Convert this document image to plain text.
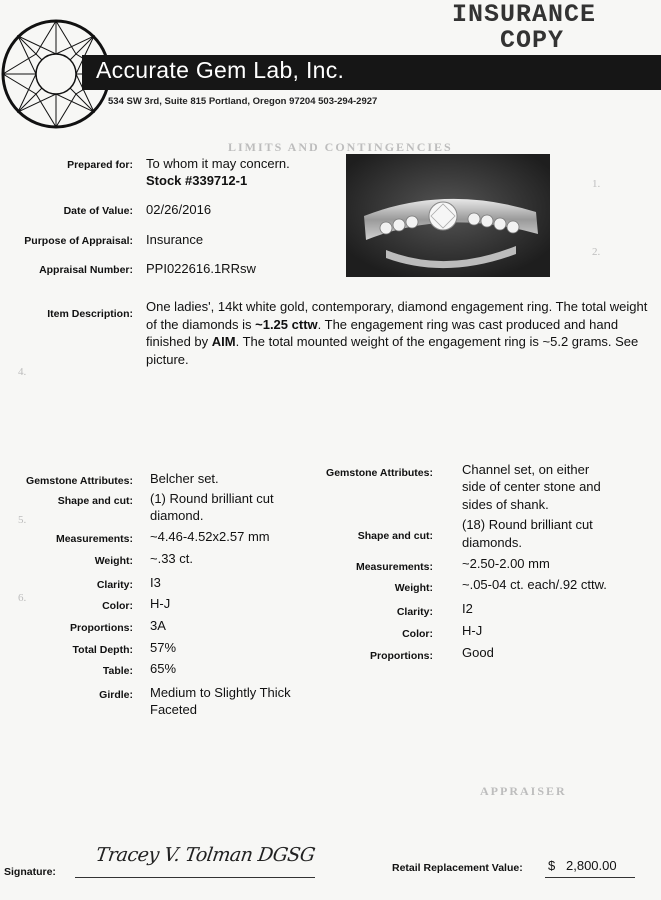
INSURANCE
COPY
Accurate Gem Lab, Inc.
534 SW 3rd, Suite 815 Portland, Oregon 97204 503-294-2927
LIMITS AND CONTINGENCIES
1.
2.
4.
5.
6.
APPRAISER
Prepared for: To whom it may concern.
Stock #339712-1
Date of Value: 02/26/2016
Purpose of Appraisal: Insurance
Appraisal Number: PPI022616.1RRsw
Item Description: One ladies', 14kt white gold, contemporary, diamond engagement ring. The total weight of the diamonds is ~1.25 cttw. The engagement ring was cast produced and hand finished by AIM. The total mounted weight of the engagement ring is ~5.2 grams. See picture.
Gemstone Attributes: Belcher set.
Shape and cut: (1) Round brilliant cut
diamond.
Measurements: ~4.46-4.52x2.57 mm
Weight: ~.33 ct.
Clarity: I3
Color: H-J
Proportions: 3A
Total Depth: 57%
Table: 65%
Girdle: Medium to Slightly Thick
Faceted
Gemstone Attributes: Channel set, on either
side of center stone and
sides of shank.
Shape and cut:
(18) Round brilliant cut
diamonds.
Measurements: ~2.50-2.00 mm
Weight: ~.05-04 ct. each/.92 cttw.
Clarity: I2
Color: H-J
Proportions: Good
Signature:
Tracey V. Tolman DGSG
Retail Replacement Value: $ 2,800.00
